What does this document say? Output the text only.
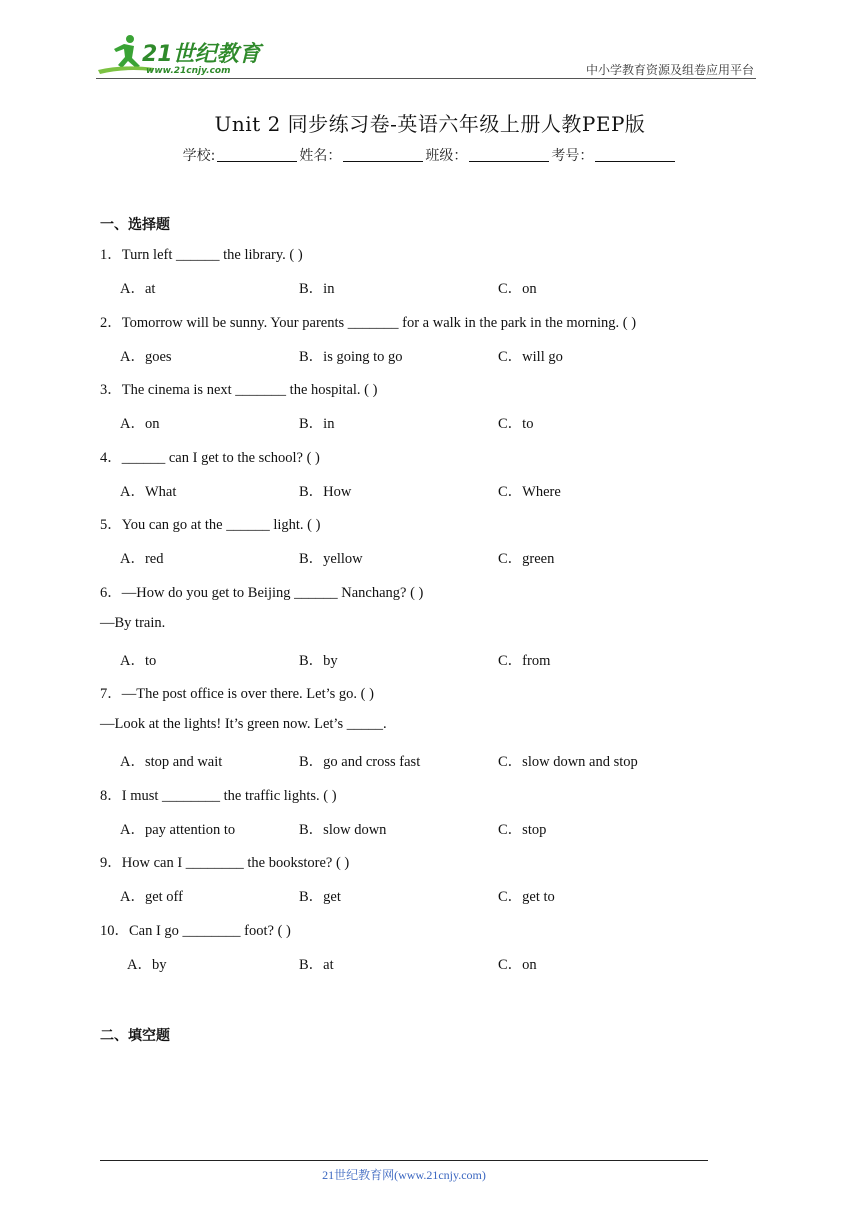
21世纪教育
www.21cnjy.com	中小学教育资源及组卷应用平台
Unit 2 同步练习卷-英语六年级上册人教PEP版
学校:	姓名：	班级：	考号：
一、选择题
1．Turn left ______ the library. ( )
A．at	B．in	C．on
2．Tomorrow will be sunny. Your parents _______ for a walk in the park in the morning. ( )
A．goes	B．is going to go	C．will go
3．The cinema is next _______ the hospital. ( )
A．on	B．in	C．to
4．______ can I get to the school? ( )
A．What	B．How	C．Where
5．You can go at the ______ light. ( )
A．red	B．yellow	C．green
6．—How do you get to Beijing ______ Nanchang? ( )
—By train.
A．to	B．by	C．from
7．—The post office is over there. Let’s go. ( )
—Look at the lights! It’s green now. Let’s _____.
A．stop and wait	B．go and cross fast	C．slow down and stop
8．I must ________ the traffic lights. ( )
A．pay attention to	B．slow down	C．stop
9．How can I ________ the bookstore? ( )
A．get off	B．get	C．get to
10．Can I go ________ foot? ( )
A．by	B．at	C．on
二、填空题
21世纪教育网(www.21cnjy.com)
